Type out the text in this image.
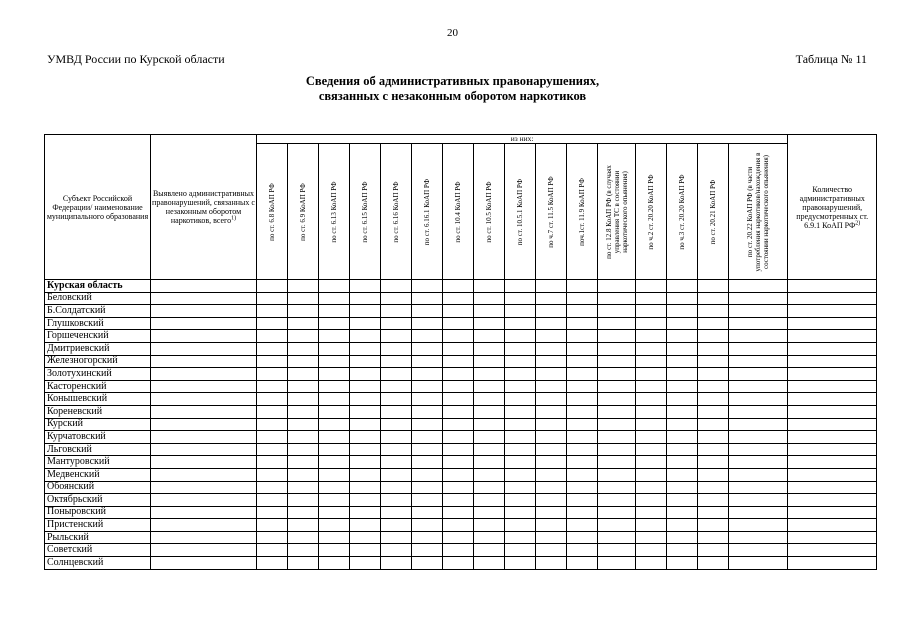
20
УМВД России по Курской области	Таблица № 11
Сведения об административных правонарушениях,
связанных с незаконным оборотом наркотиков
Субъект Российской Федерации/ наименование муниципального образования	Выявлено административных правонарушений, связанных с незаконным оборотом наркотиков, всего$^{1)}$	из них:																Количество административных правонарушений, предусмотренных ст. 6.9.1 КоАП РФ$^{2)}$

		по ст. 6.8 КоАП РФ	по ст. 6.9 КоАП РФ	по ст. 6.13 КоАП РФ	по ст. 6.15 КоАП РФ	по ст. 6.16 КоАП РФ	по ст. 6.16.1 КоАП РФ	по ст. 10.4 КоАП РФ	по ст. 10.5 КоАП РФ	по ст. 10.5.1 КоАП РФ	по ч.7 ст. 11.5 КоАП РФ	поч.1ст. 11.9 КоАП РФ	по ст. 12.8 КоАП РФ (в случаях управления ТС в состоянии наркотического опьянения)	по ч.2 ст. 20.20 КоАП РФ	по ч.3 ст. 20.20 КоАП РФ	по ст. 20.21 КоАП РФ	по ст. 20.22 КоАП РФ (в части употребления наркотиков/нахождения в состоянии наркотического опьянения)	

Курская область																		
Беловский																		
Б.Солдатский																		
Глушковский																		
Горшеченский																		
Дмитриевский																		
Железногорский																		
Золотухинский																		
Касторенский																		
Конышевский																		
Кореневский																		
Курский																		
Курчатовский																		
Льговский																		
Мантуровский																		
Медвенский																		
Обоянский																		
Октябрьский																		
Поныровский																		
Пристенский																		
Рыльский																		
Советский																		
Солнцевский																		
